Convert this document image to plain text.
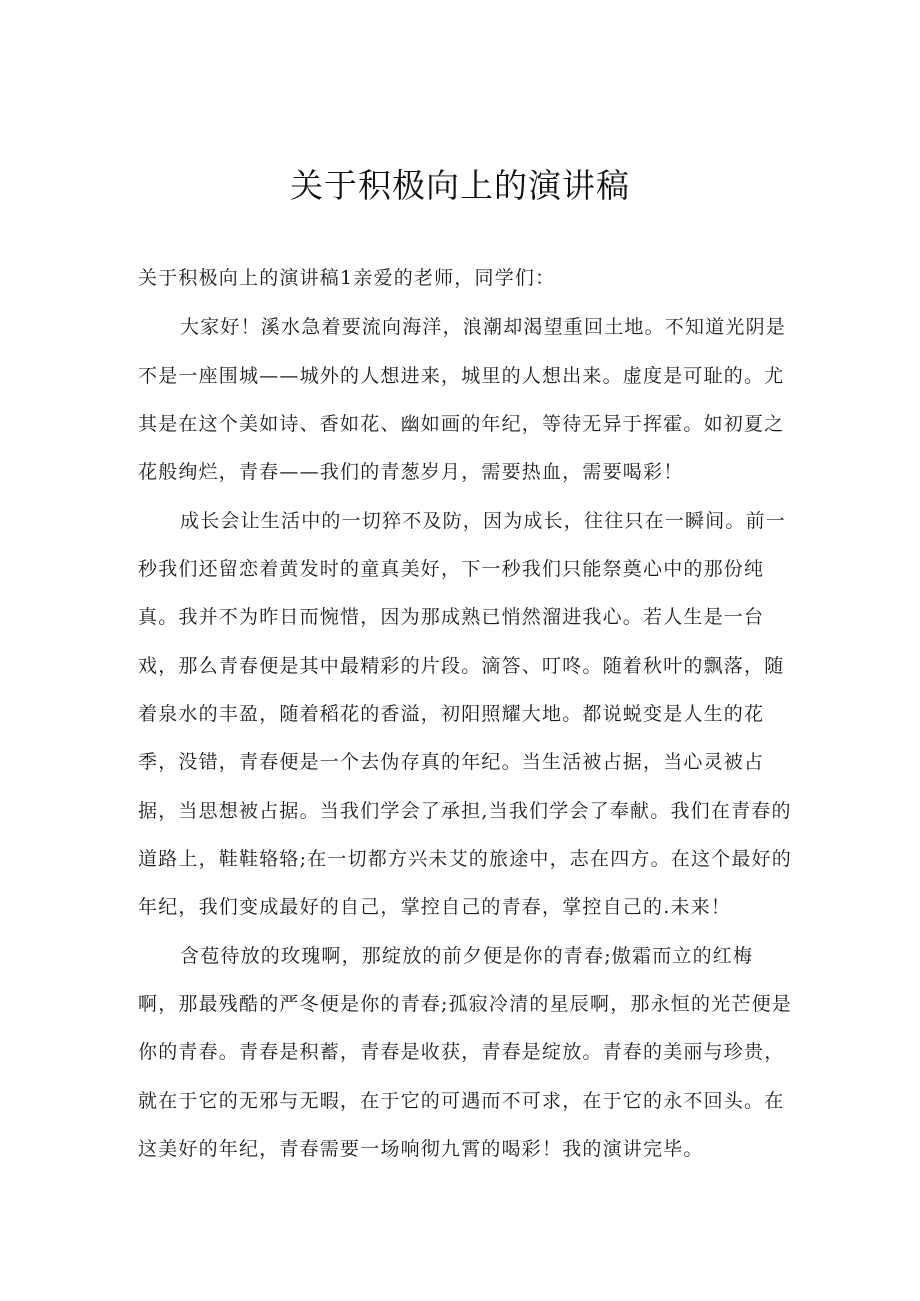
关于积极向上的演讲稿
关于积极向上的演讲稿1亲爱的老师，同学们：
大家好！溪水急着要流向海洋，浪潮却渴望重回土地。不知道光阴是
不是一座围城——城外的人想进来，城里的人想出来。虚度是可耻的。尤
其是在这个美如诗、香如花、幽如画的年纪，等待无异于挥霍。如初夏之
花般绚烂，青春——我们的青葱岁月，需要热血，需要喝彩！
成长会让生活中的一切猝不及防，因为成长，往往只在一瞬间。前一
秒我们还留恋着黄发时的童真美好，下一秒我们只能祭奠心中的那份纯
真。我并不为昨日而惋惜，因为那成熟已悄然溜进我心。若人生是一台
戏，那么青春便是其中最精彩的片段。滴答、叮咚。随着秋叶的飘落，随
着泉水的丰盈，随着稻花的香溢，初阳照耀大地。都说蜕变是人生的花
季，没错，青春便是一个去伪存真的年纪。当生活被占据，当心灵被占
据，当思想被占据。当我们学会了承担,当我们学会了奉献。我们在青春的
道路上，鞋鞋辂辂;在一切都方兴未艾的旅途中，志在四方。在这个最好的
年纪，我们变成最好的自己，掌控自己的青春，掌控自己的.未来！
含苞待放的玫瑰啊，那绽放的前夕便是你的青春;傲霜而立的红梅
啊，那最残酷的严冬便是你的青春;孤寂冷清的星辰啊，那永恒的光芒便是
你的青春。青春是积蓄，青春是收获，青春是绽放。青春的美丽与珍贵，
就在于它的无邪与无暇，在于它的可遇而不可求，在于它的永不回头。在
这美好的年纪，青春需要一场响彻九霄的喝彩！我的演讲完毕。
